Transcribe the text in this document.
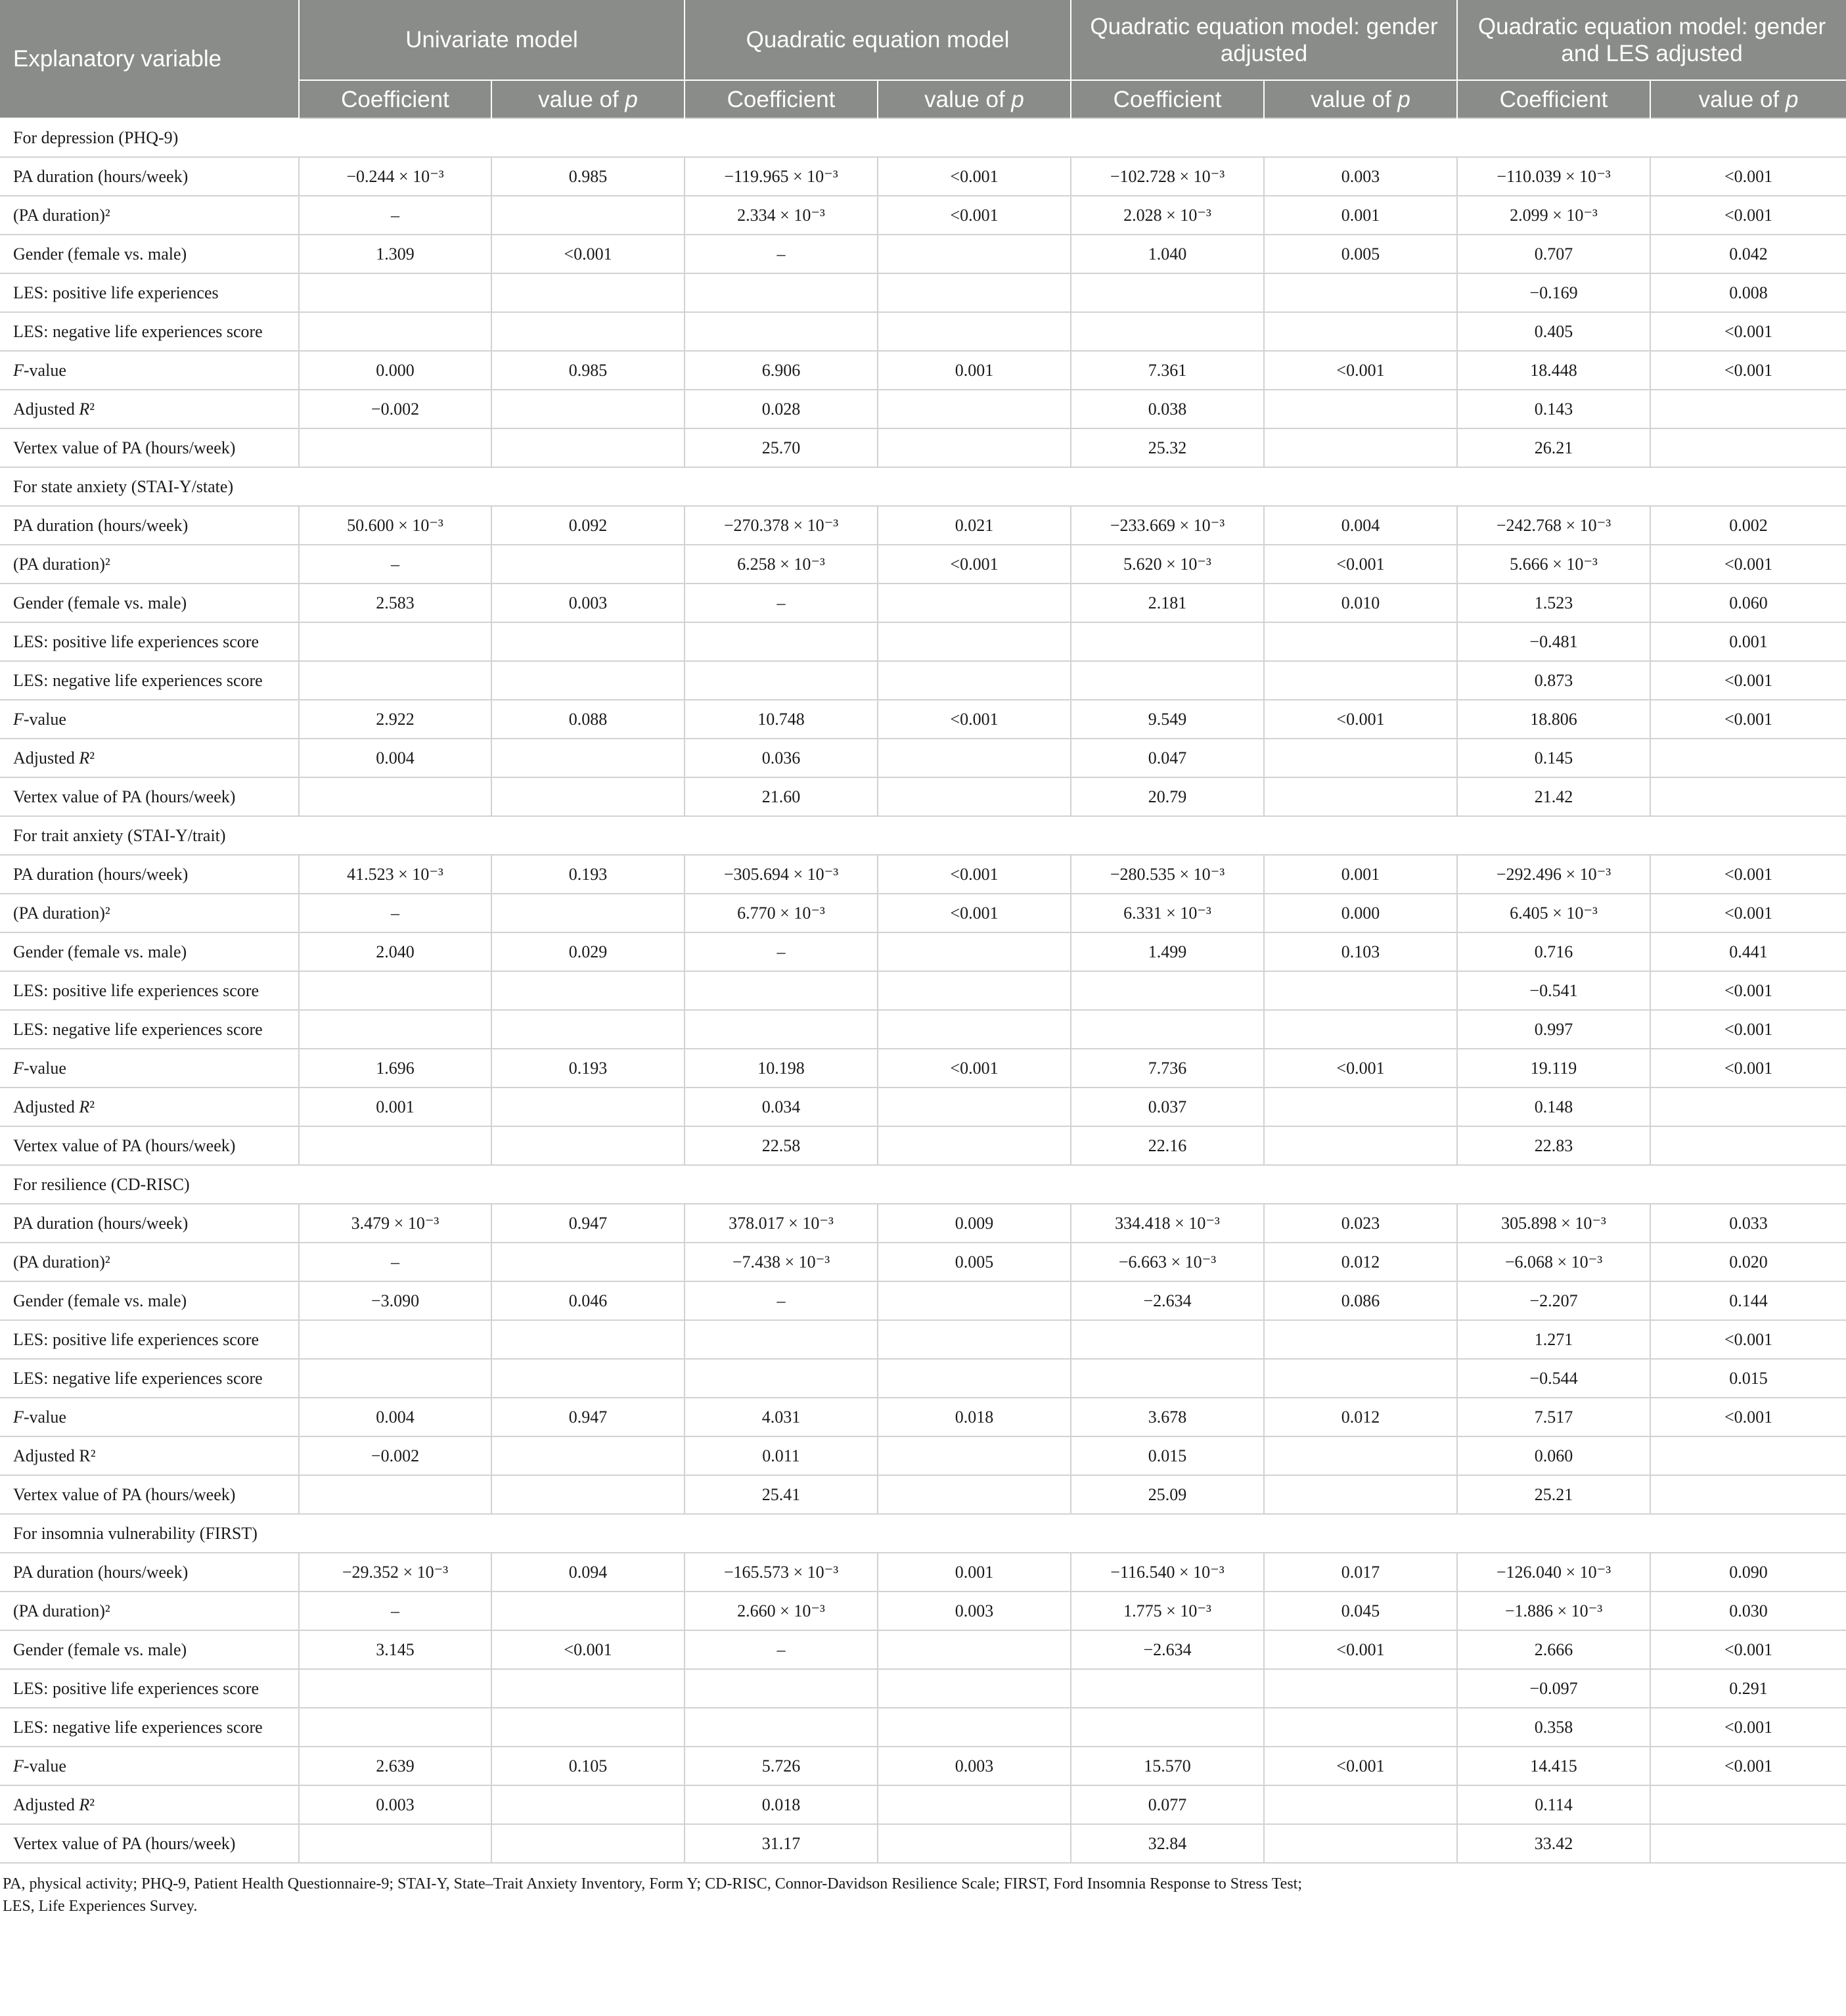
Explanatory variable	Univariate model		Quadratic equation model		Quadratic equation model: gender adjusted		Quadratic equation model: gender and LES adjusted	
	Coefficient	value of p	Coefficient	value of p	Coefficient	value of p	Coefficient	value of p
For depression (PHQ-9)								
PA duration (hours/week)	−0.244 × 10⁻³	0.985	−119.965 × 10⁻³	<0.001	−102.728 × 10⁻³	0.003	−110.039 × 10⁻³	<0.001
(PA duration)²	–		2.334 × 10⁻³	<0.001	2.028 × 10⁻³	0.001	2.099 × 10⁻³	<0.001
Gender (female vs. male)	1.309	<0.001	–		1.040	0.005	0.707	0.042
LES: positive life experiences							−0.169	0.008
LES: negative life experiences score							0.405	<0.001
F-value	0.000	0.985	6.906	0.001	7.361	<0.001	18.448	<0.001
Adjusted R²	−0.002		0.028		0.038		0.143	
Vertex value of PA (hours/week)			25.70		25.32		26.21	
For state anxiety (STAI-Y/state)								
PA duration (hours/week)	50.600 × 10⁻³	0.092	−270.378 × 10⁻³	0.021	−233.669 × 10⁻³	0.004	−242.768 × 10⁻³	0.002
(PA duration)²	–		6.258 × 10⁻³	<0.001	5.620 × 10⁻³	<0.001	5.666 × 10⁻³	<0.001
Gender (female vs. male)	2.583	0.003	–		2.181	0.010	1.523	0.060
LES: positive life experiences score							−0.481	0.001
LES: negative life experiences score							0.873	<0.001
F-value	2.922	0.088	10.748	<0.001	9.549	<0.001	18.806	<0.001
Adjusted R²	0.004		0.036		0.047		0.145	
Vertex value of PA (hours/week)			21.60		20.79		21.42	
For trait anxiety (STAI-Y/trait)								
PA duration (hours/week)	41.523 × 10⁻³	0.193	−305.694 × 10⁻³	<0.001	−280.535 × 10⁻³	0.001	−292.496 × 10⁻³	<0.001
(PA duration)²	–		6.770 × 10⁻³	<0.001	6.331 × 10⁻³	0.000	6.405 × 10⁻³	<0.001
Gender (female vs. male)	2.040	0.029	–		1.499	0.103	0.716	0.441
LES: positive life experiences score							−0.541	<0.001
LES: negative life experiences score							0.997	<0.001
F-value	1.696	0.193	10.198	<0.001	7.736	<0.001	19.119	<0.001
Adjusted R²	0.001		0.034		0.037		0.148	
Vertex value of PA (hours/week)			22.58		22.16		22.83	
For resilience (CD-RISC)								
PA duration (hours/week)	3.479 × 10⁻³	0.947	378.017 × 10⁻³	0.009	334.418 × 10⁻³	0.023	305.898 × 10⁻³	0.033
(PA duration)²	–		−7.438 × 10⁻³	0.005	−6.663 × 10⁻³	0.012	−6.068 × 10⁻³	0.020
Gender (female vs. male)	−3.090	0.046	–		−2.634	0.086	−2.207	0.144
LES: positive life experiences score							1.271	<0.001
LES: negative life experiences score							−0.544	0.015
F-value	0.004	0.947	4.031	0.018	3.678	0.012	7.517	<0.001
Adjusted R²	−0.002		0.011		0.015		0.060	
Vertex value of PA (hours/week)			25.41		25.09		25.21	
For insomnia vulnerability (FIRST)								
PA duration (hours/week)	−29.352 × 10⁻³	0.094	−165.573 × 10⁻³	0.001	−116.540 × 10⁻³	0.017	−126.040 × 10⁻³	0.090
(PA duration)²	–		2.660 × 10⁻³	0.003	1.775 × 10⁻³	0.045	−1.886 × 10⁻³	0.030
Gender (female vs. male)	3.145	<0.001	–		−2.634	<0.001	2.666	<0.001
LES: positive life experiences score							−0.097	0.291
LES: negative life experiences score							0.358	<0.001
F-value	2.639	0.105	5.726	0.003	15.570	<0.001	14.415	<0.001
Adjusted R²	0.003		0.018		0.077		0.114	
Vertex value of PA (hours/week)			31.17		32.84		33.42	
PA, physical activity; PHQ-9, Patient Health Questionnaire-9; STAI-Y, State–Trait Anxiety Inventory, Form Y; CD-RISC, Connor-Davidson Resilience Scale; FIRST, Ford Insomnia Response to Stress Test; LES, Life Experiences Survey.
